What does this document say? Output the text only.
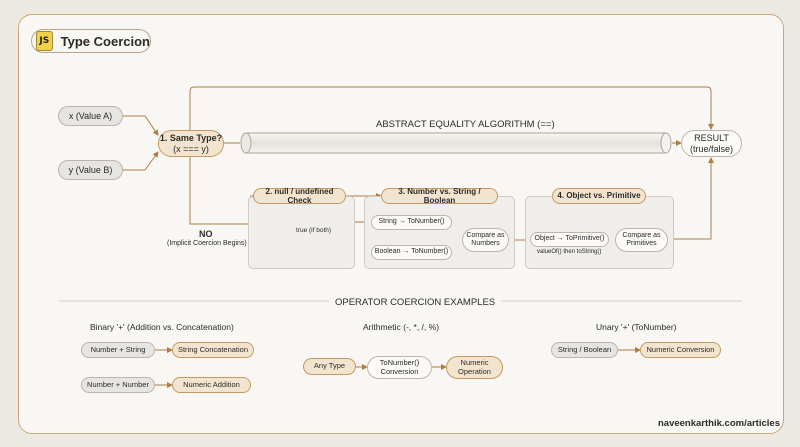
JS Type Coercion
x (Value A)
y (Value B)
1. Same Type?
(x === y)
ABSTRACT EQUALITY ALGORITHM (==)
RESULT
(true/false)
NO
(Implicit Coercion Begins)
2. null / undefined Check
true (if both)
3. Number vs. String / Boolean
String → ToNumber()
Boolean → ToNumber()
Compare as
Numbers
4. Object vs. Primitive
Object → ToPrimitive()
valueOf() then toString()
Compare as
Primitives
OPERATOR COERCION EXAMPLES
Binary '+' (Addition vs. Concatenation)
Number + String	String Concatenation
Number + Number	Numeric Addition
Arithmetic (-, *, /, %)
Any Type	ToNumber()
Conversion
Numeric
Operation
Unary '+' (ToNumber)
String / Boolean	Numeric Conversion
naveenkarthik.com/articles
